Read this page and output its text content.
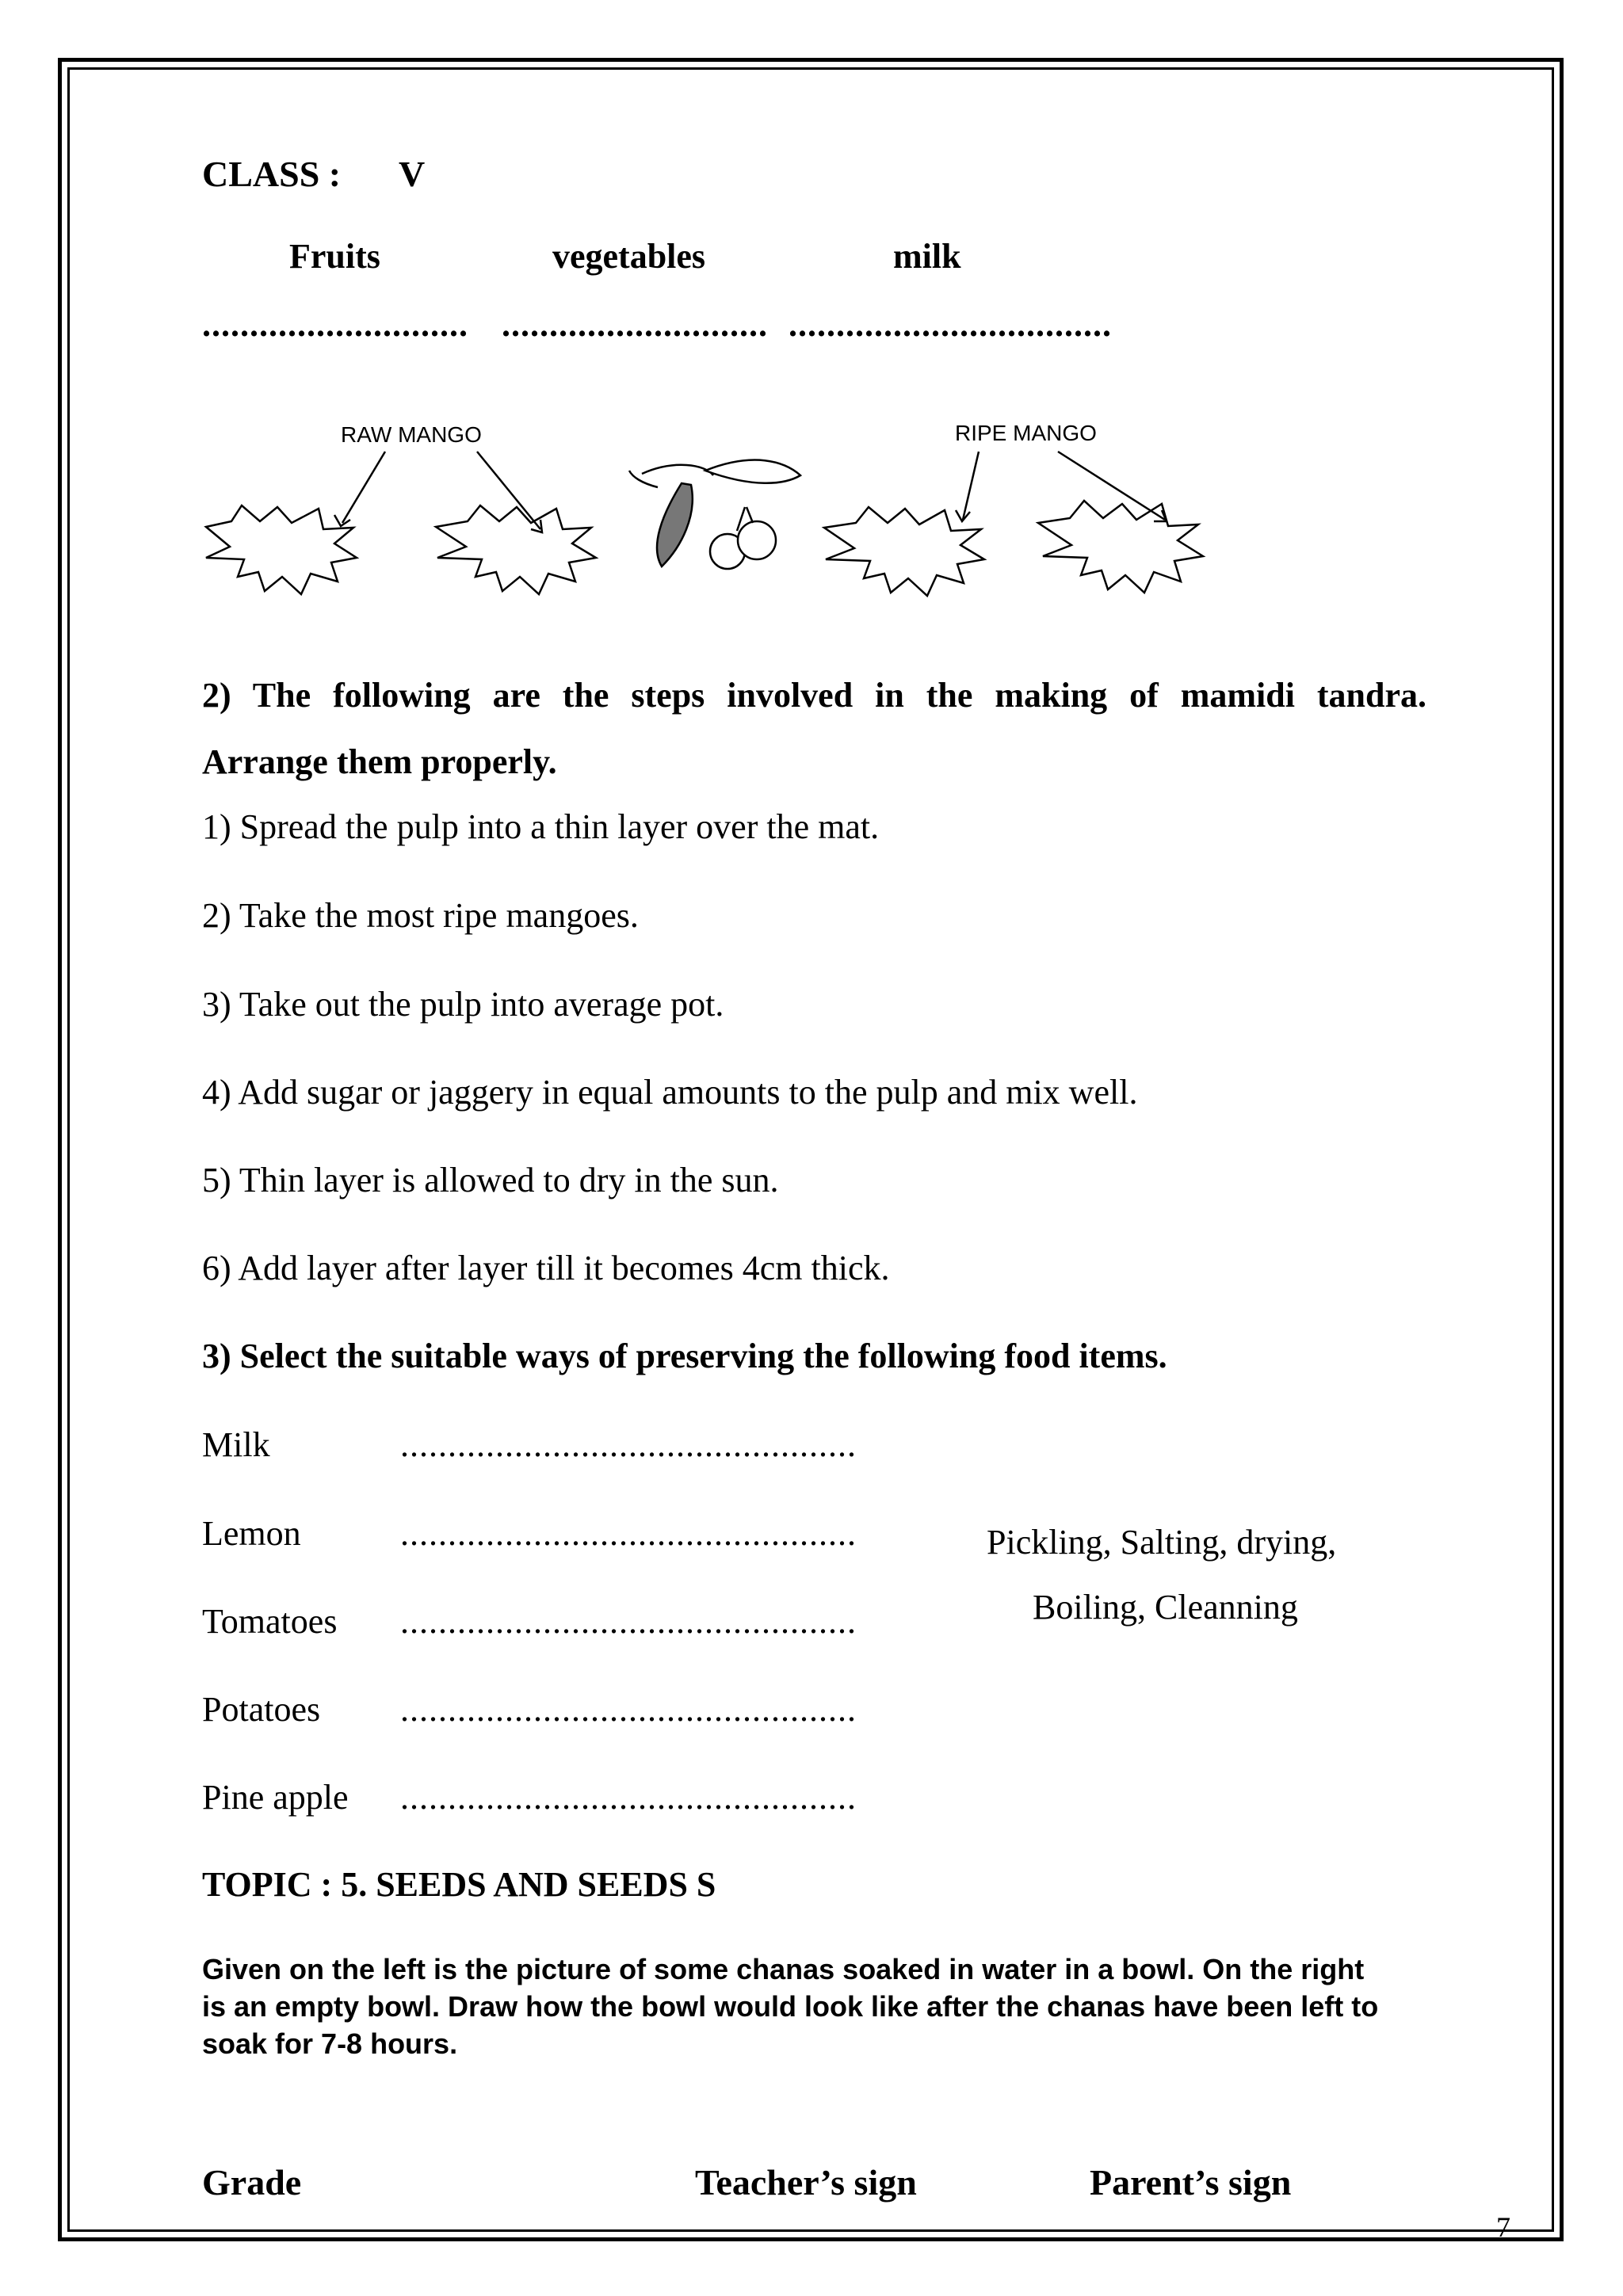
CLASS : V
Fruits	vegetables	milk
............................ ............................ ..................................
RAW MANGO	RIPE MANGO
2) The following are the steps involved in the making of mamidi tandra.
Arrange them properly.
1) Spread the pulp into a thin layer over the mat.
2) Take the most ripe mangoes.
3) Take out the pulp into average pot.
4) Add sugar or jaggery in equal amounts to the pulp and mix well.
5) Thin layer is allowed to dry in the sun.
6) Add layer after layer till it becomes 4cm thick.
3) Select the suitable ways of preserving the following food items.
Milk	................................................
Lemon	................................................
Tomatoes ................................................
Potatoes ................................................
Pine apple ................................................
Pickling, Salting, drying,
Boiling, Cleanning
TOPIC : 5. SEEDS AND SEEDS S
Given on the left is the picture of some chanas soaked in water in a bowl. On the right
is an empty bowl. Draw how the bowl would look like after the chanas have been left to
soak for 7-8 hours.
Grade	Teacher’s sign	Parent’s sign
7
